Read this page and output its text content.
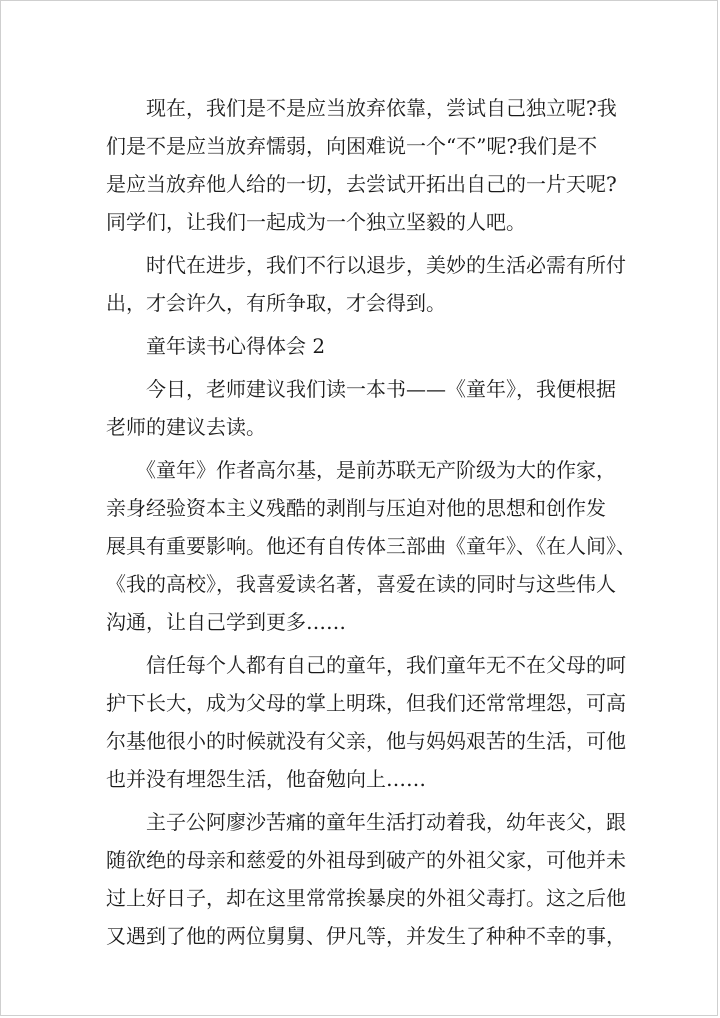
　　现在，我们是不是应当放弃依靠，尝试自己独立呢?我
们是不是应当放弃懦弱，向困难说一个“不”呢?我们是不
是应当放弃他人给的一切，去尝试开拓出自己的一片天呢?
同学们，让我们一起成为一个独立坚毅的人吧。
　　时代在进步，我们不行以退步，美妙的生活必需有所付
出，才会许久，有所争取，才会得到。
　　童年读书心得体会 2
　　今日，老师建议我们读一本书——《童年》，我便根据
老师的建议去读。
　　《童年》作者高尔基，是前苏联无产阶级为大的作家，
亲身经验资本主义残酷的剥削与压迫对他的思想和创作发
展具有重要影响。他还有自传体三部曲《童年》、《在人间》、
《我的高校》，我喜爱读名著，喜爱在读的同时与这些伟人
沟通，让自己学到更多……
　　信任每个人都有自己的童年，我们童年无不在父母的呵
护下长大，成为父母的掌上明珠，但我们还常常埋怨，可高
尔基他很小的时候就没有父亲，他与妈妈艰苦的生活，可他
也并没有埋怨生活，他奋勉向上……
　　主子公阿廖沙苦痛的童年生活打动着我，幼年丧父，跟
随欲绝的母亲和慈爱的外祖母到破产的外祖父家，可他并未
过上好日子，却在这里常常挨暴戾的外祖父毒打。这之后他
又遇到了他的两位舅舅、伊凡等，并发生了种种不幸的事，
